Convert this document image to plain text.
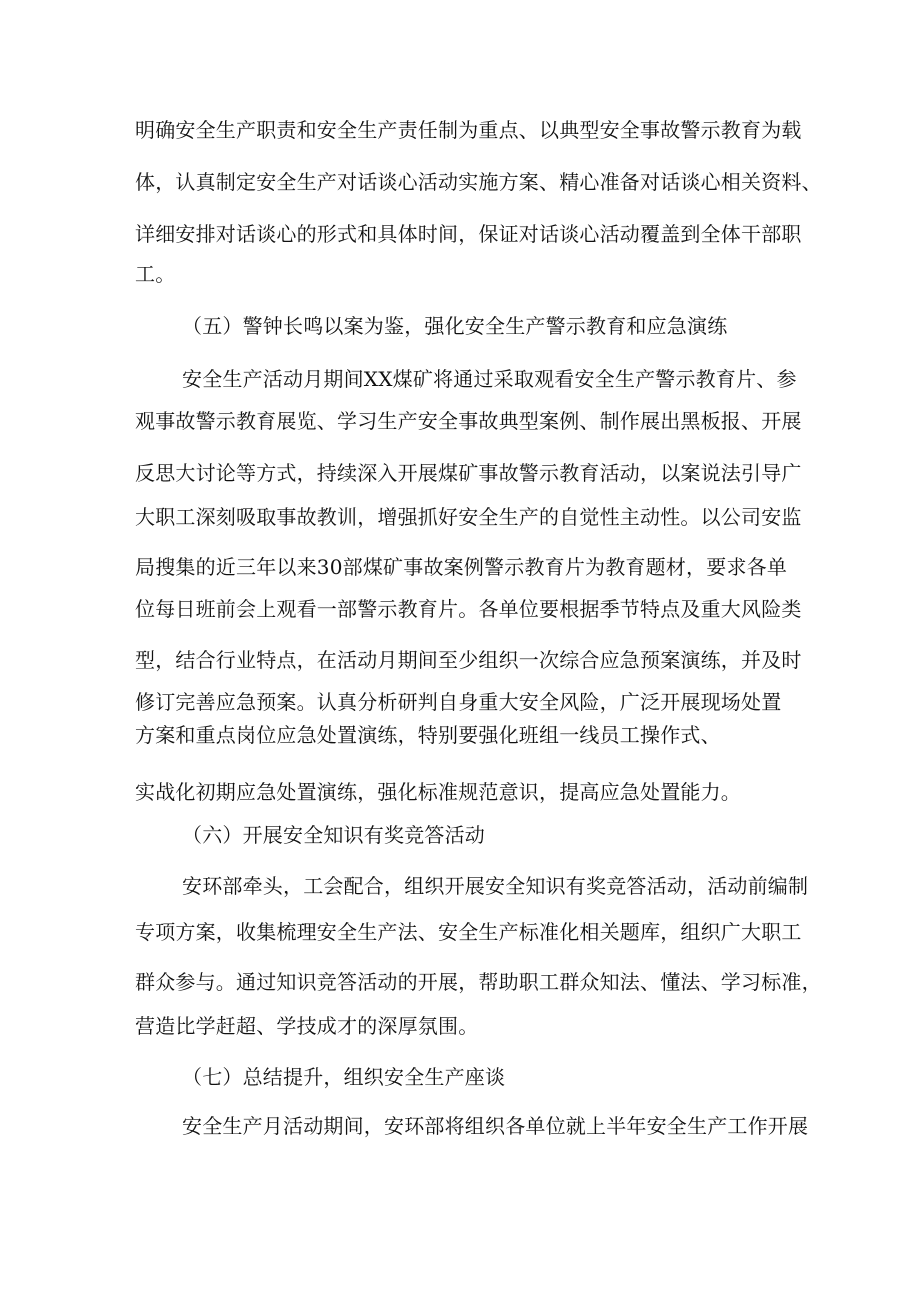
明确安全生产职责和安全生产责任制为重点、以典型安全事故警示教育为载

体，认真制定安全生产对话谈心活动实施方案、精心准备对话谈心相关资料、

详细安排对话谈心的形式和具体时间，保证对话谈心活动覆盖到全体干部职

工。

（五）警钟长鸣以案为鉴，强化安全生产警示教育和应急演练

安全生产活动月期间XX煤矿将通过采取观看安全生产警示教育片、参

观事故警示教育展览、学习生产安全事故典型案例、制作展出黑板报、开展

反思大讨论等方式，持续深入开展煤矿事故警示教育活动，以案说法引导广

大职工深刻吸取事故教训，增强抓好安全生产的自觉性主动性。以公司安监

局搜集的近三年以来30部煤矿事故案例警示教育片为教育题材，要求各单

位每日班前会上观看一部警示教育片。各单位要根据季节特点及重大风险类

型，结合行业特点，在活动月期间至少组织一次综合应急预案演练，并及时

修订完善应急预案。认真分析研判自身重大安全风险，广泛开展现场处置

方案和重点岗位应急处置演练，特别要强化班组一线员工操作式、

实战化初期应急处置演练，强化标准规范意识，提高应急处置能力。

（六）开展安全知识有奖竞答活动

安环部牵头，工会配合，组织开展安全知识有奖竞答活动，活动前编制

专项方案，收集梳理安全生产法、安全生产标准化相关题库，组织广大职工

群众参与。通过知识竞答活动的开展，帮助职工群众知法、懂法、学习标准，

营造比学赶超、学技成才的深厚氛围。

（七）总结提升，组织安全生产座谈

安全生产月活动期间，安环部将组织各单位就上半年安全生产工作开展
